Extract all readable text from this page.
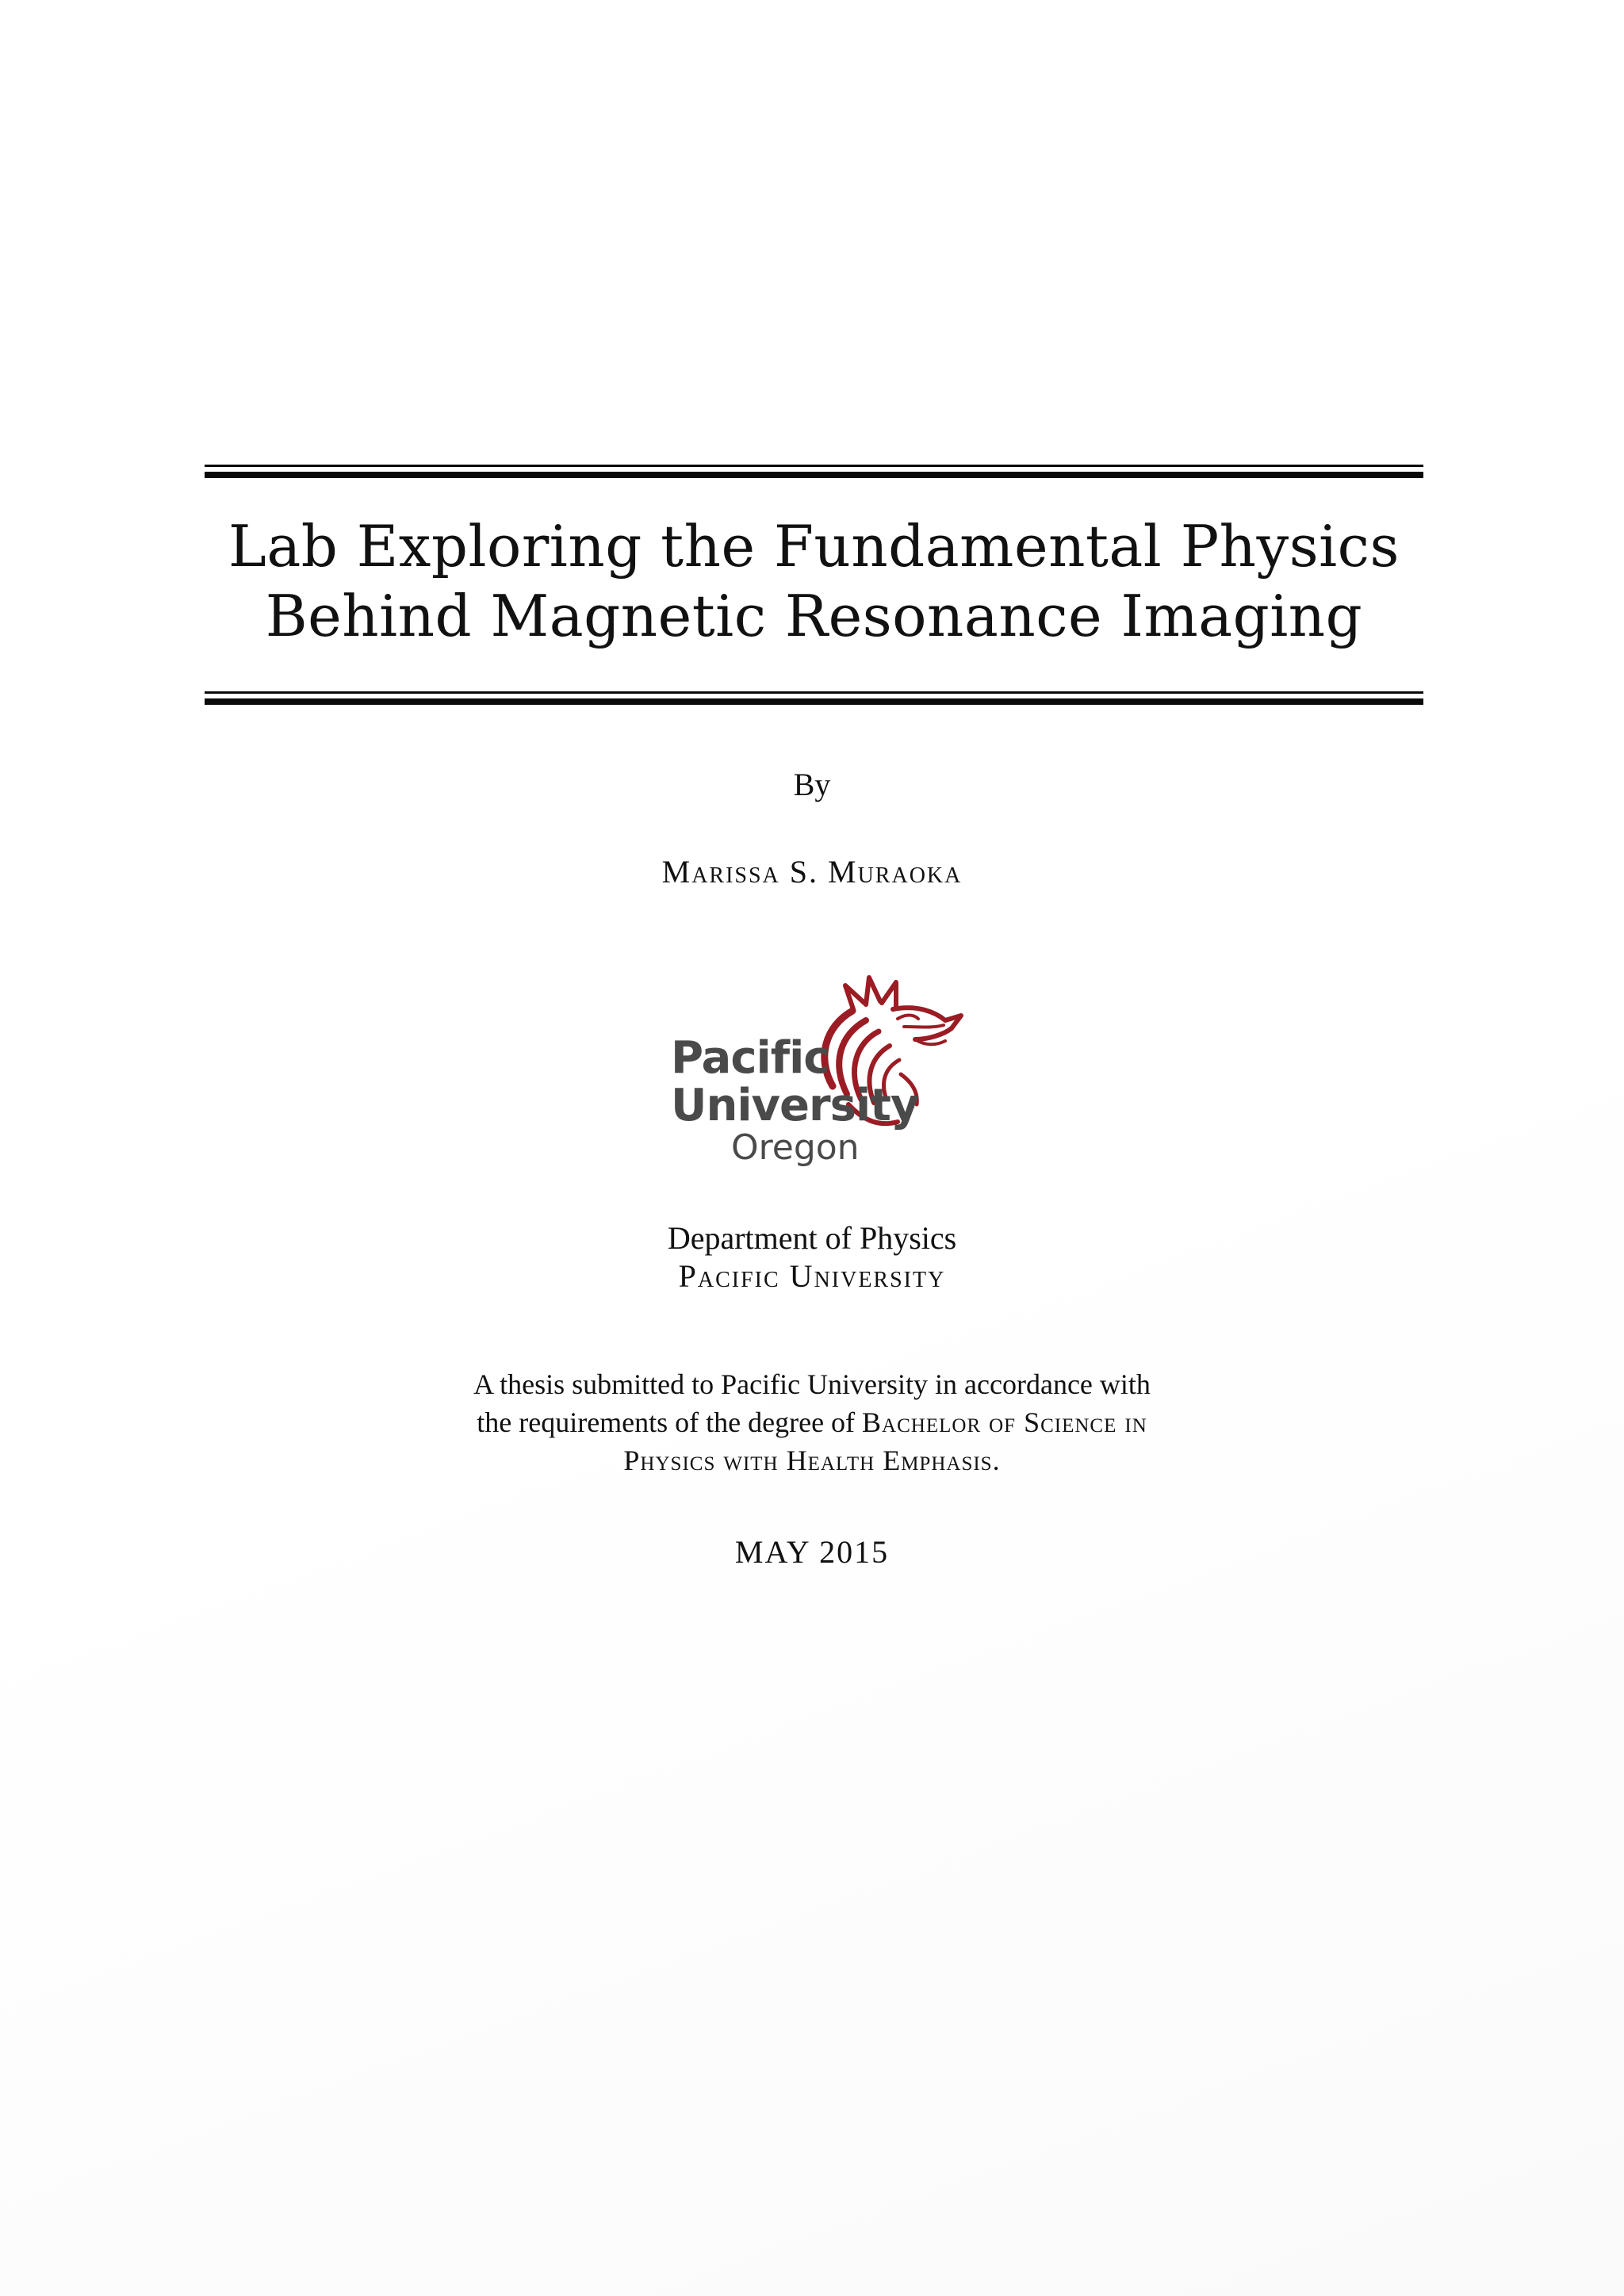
Lab Exploring the Fundamental Physics
Behind Magnetic Resonance Imaging
By
Marissa S. Muraoka
Pacific
University
Oregon
Department of Physics
Pacific University
A thesis submitted to Pacific University in accordance with
the requirements of the degree of Bachelor of Science in
Physics with Health Emphasis.
MAY 2015
